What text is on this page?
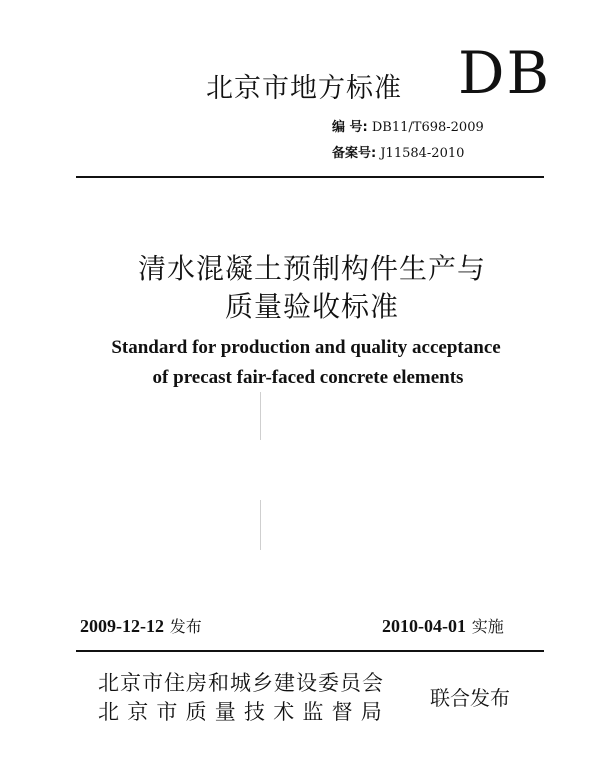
北京市地方标准 DB
编 号: DB11/T698-2009
备案号: J11584-2010
清水混凝土预制构件生产与
质量验收标准
Standard for production and quality acceptance
of precast fair-faced concrete elements
2009-12-12 发布	2010-04-01 实施
北京市住房和城乡建设委员会
北京市质量技术监督局
联合发布
